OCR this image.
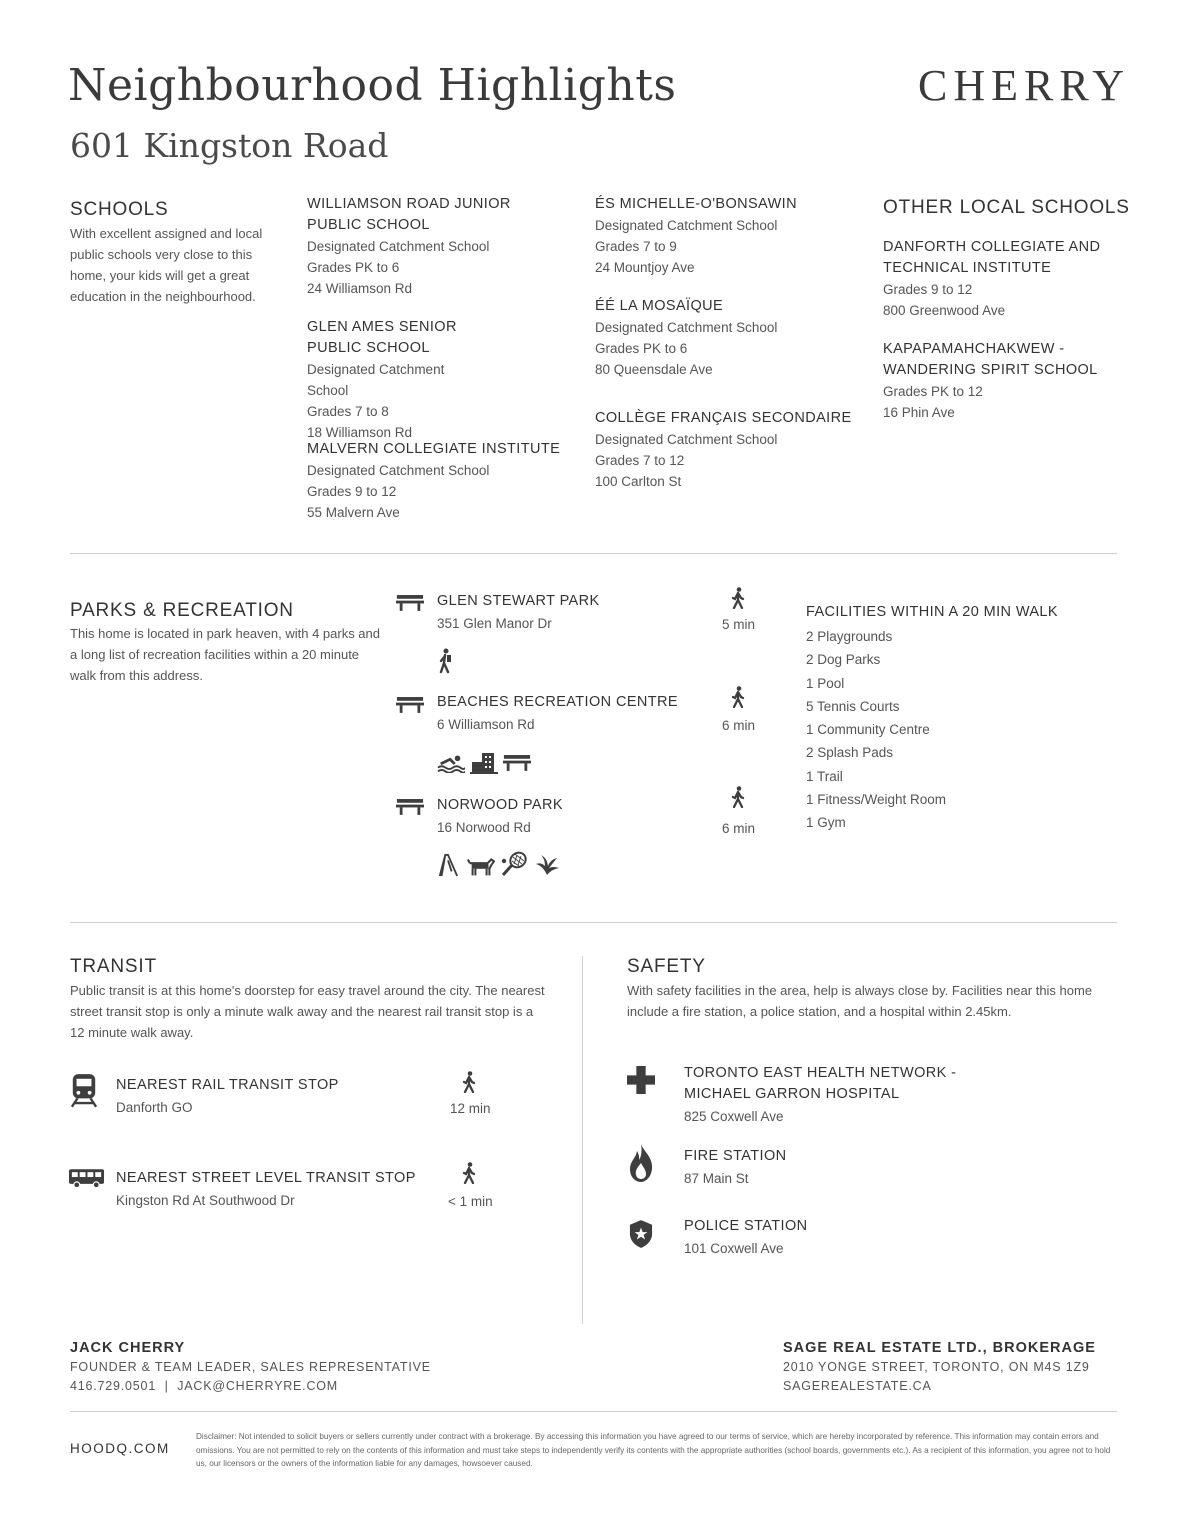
Neighbourhood Highlights
601 Kingston Road
CHERRY
SCHOOLS
With excellent assigned and local public schools very close to this home, your kids will get a great education in the neighbourhood.
WILLIAMSON ROAD JUNIOR PUBLIC SCHOOL
Designated Catchment School
Grades PK to 6
24 Williamson Rd
GLEN AMES SENIOR PUBLIC SCHOOL
Designated Catchment School
Grades 7 to 8
18 Williamson Rd
MALVERN COLLEGIATE INSTITUTE
Designated Catchment School
Grades 9 to 12
55 Malvern Ave
ÉS MICHELLE-O'BONSAWIN
Designated Catchment School
Grades 7 to 9
24 Mountjoy Ave
ÉÉ LA MOSAÏQUE
Designated Catchment School
Grades PK to 6
80 Queensdale Ave
COLLÈGE FRANÇAIS SECONDAIRE
Designated Catchment School
Grades 7 to 12
100 Carlton St
OTHER LOCAL SCHOOLS
DANFORTH COLLEGIATE AND TECHNICAL INSTITUTE
Grades 9 to 12
800 Greenwood Ave
KAPAPAMAHCHAKWEW - WANDERING SPIRIT SCHOOL
Grades PK to 12
16 Phin Ave
PARKS & RECREATION
This home is located in park heaven, with 4 parks and a long list of recreation facilities within a 20 minute walk from this address.
GLEN STEWART PARK
351 Glen Manor Dr	5 min
BEACHES RECREATION CENTRE
6 Williamson Rd	6 min
NORWOOD PARK
16 Norwood Rd	6 min
FACILITIES WITHIN A 20 MIN WALK
2 Playgrounds
2 Dog Parks
1 Pool
5 Tennis Courts
1 Community Centre
2 Splash Pads
1 Trail
1 Fitness/Weight Room
1 Gym
TRANSIT
Public transit is at this home's doorstep for easy travel around the city. The nearest street transit stop is only a minute walk away and the nearest rail transit stop is a 12 minute walk away.
NEAREST RAIL TRANSIT STOP
Danforth GO	12 min
NEAREST STREET LEVEL TRANSIT STOP
Kingston Rd At Southwood Dr	< 1 min
SAFETY
With safety facilities in the area, help is always close by. Facilities near this home include a fire station, a police station, and a hospital within 2.45km.
TORONTO EAST HEALTH NETWORK - MICHAEL GARRON HOSPITAL
825 Coxwell Ave
FIRE STATION
87 Main St
POLICE STATION
101 Coxwell Ave
JACK CHERRY
FOUNDER & TEAM LEADER, SALES REPRESENTATIVE
416.729.0501  |  JACK@CHERRYRE.COM
SAGE REAL ESTATE LTD., BROKERAGE
2010 YONGE STREET, TORONTO, ON M4S 1Z9
SAGEREALESTATE.CA
HOODQ.COM
Disclaimer: Not intended to solicit buyers or sellers currently under contract with a brokerage. By accessing this information you have agreed to our terms of service, which are hereby incorporated by reference. This information may contain errors and omissions. You are not permitted to rely on the contents of this information and must take steps to independently verify its contents with the appropriate authorities (school boards, governments etc.). As a recipient of this information, you agree not to hold us, our licensors or the owners of the information liable for any damages, howsoever caused.
